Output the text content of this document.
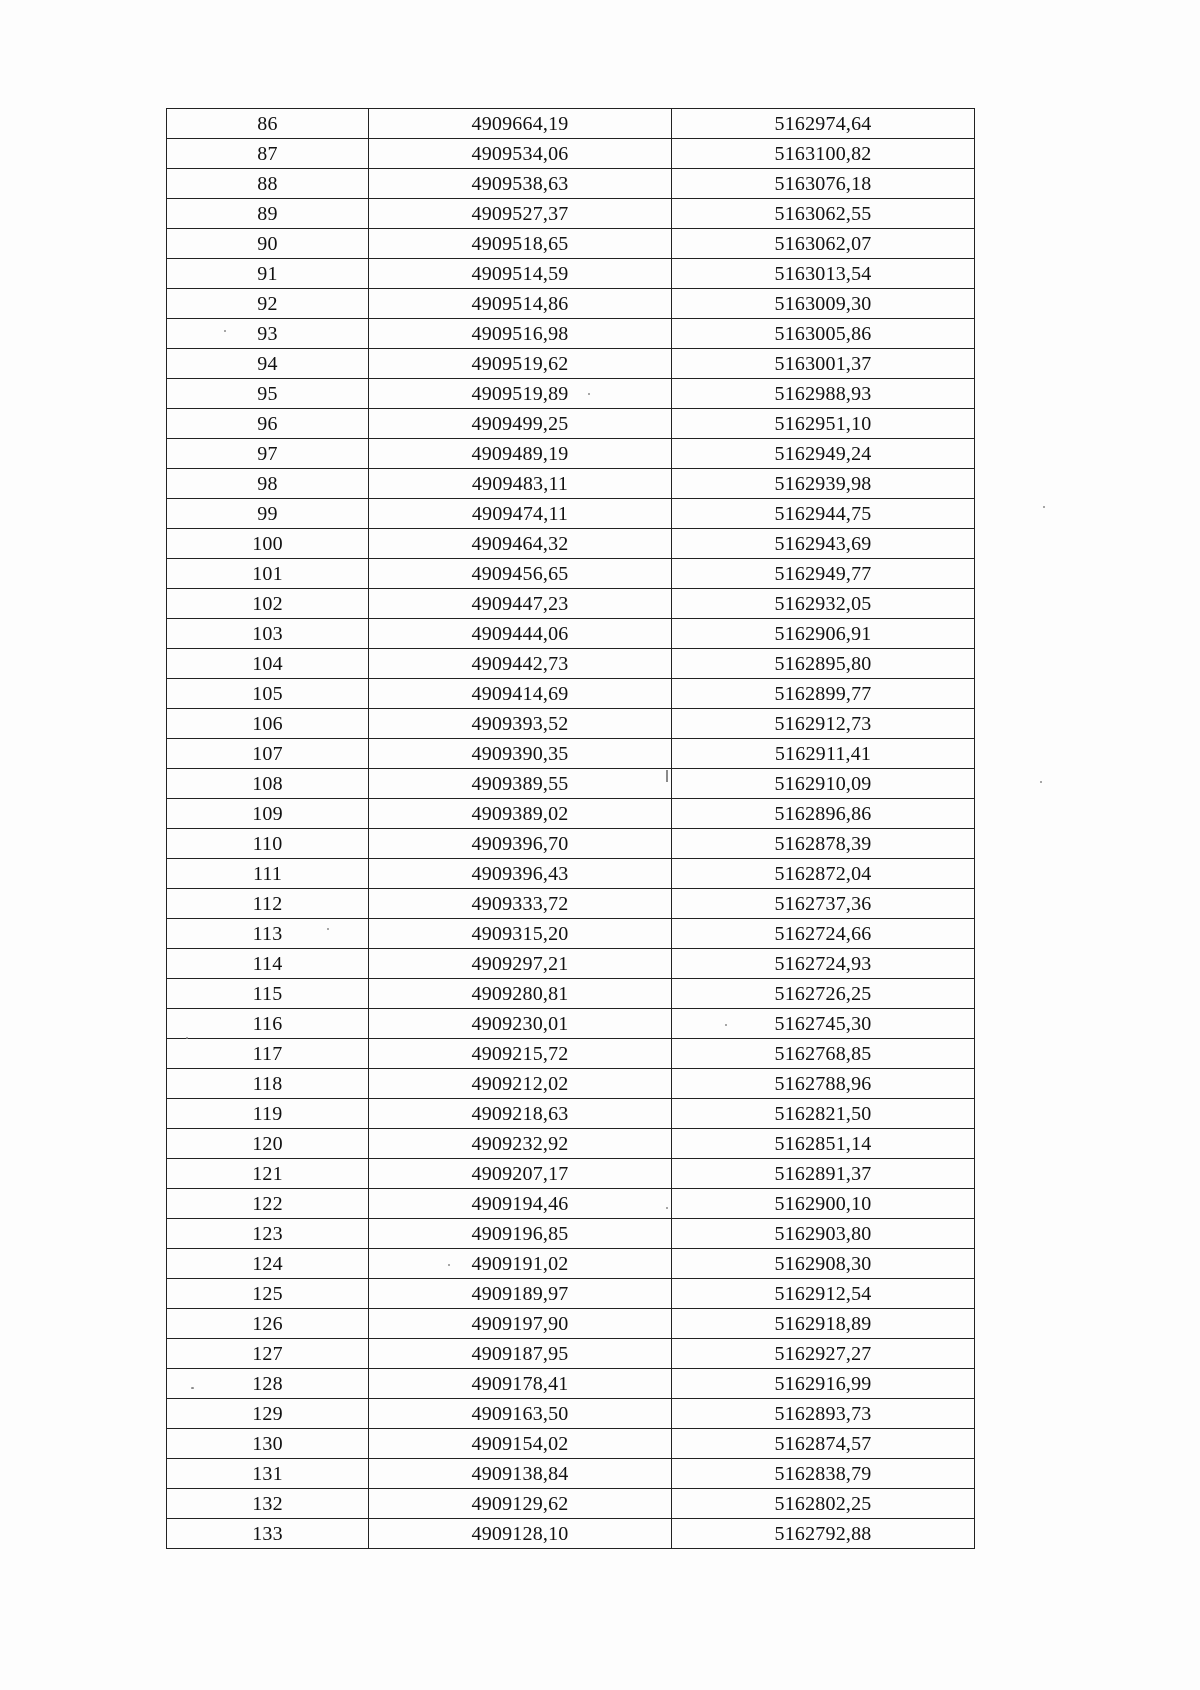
86	4909664,19	5162974,64
87	4909534,06	5163100,82
88	4909538,63	5163076,18
89	4909527,37	5163062,55
90	4909518,65	5163062,07
91	4909514,59	5163013,54
92	4909514,86	5163009,30
93	4909516,98	5163005,86
94	4909519,62	5163001,37
95	4909519,89	5162988,93
96	4909499,25	5162951,10
97	4909489,19	5162949,24
98	4909483,11	5162939,98
99	4909474,11	5162944,75
100	4909464,32	5162943,69
101	4909456,65	5162949,77
102	4909447,23	5162932,05
103	4909444,06	5162906,91
104	4909442,73	5162895,80
105	4909414,69	5162899,77
106	4909393,52	5162912,73
107	4909390,35	5162911,41
108	4909389,55	5162910,09
109	4909389,02	5162896,86
110	4909396,70	5162878,39
111	4909396,43	5162872,04
112	4909333,72	5162737,36
113	4909315,20	5162724,66
114	4909297,21	5162724,93
115	4909280,81	5162726,25
116	4909230,01	5162745,30
117	4909215,72	5162768,85
118	4909212,02	5162788,96
119	4909218,63	5162821,50
120	4909232,92	5162851,14
121	4909207,17	5162891,37
122	4909194,46	5162900,10
123	4909196,85	5162903,80
124	4909191,02	5162908,30
125	4909189,97	5162912,54
126	4909197,90	5162918,89
127	4909187,95	5162927,27
128	4909178,41	5162916,99
129	4909163,50	5162893,73
130	4909154,02	5162874,57
131	4909138,84	5162838,79
132	4909129,62	5162802,25
133	4909128,10	5162792,88
